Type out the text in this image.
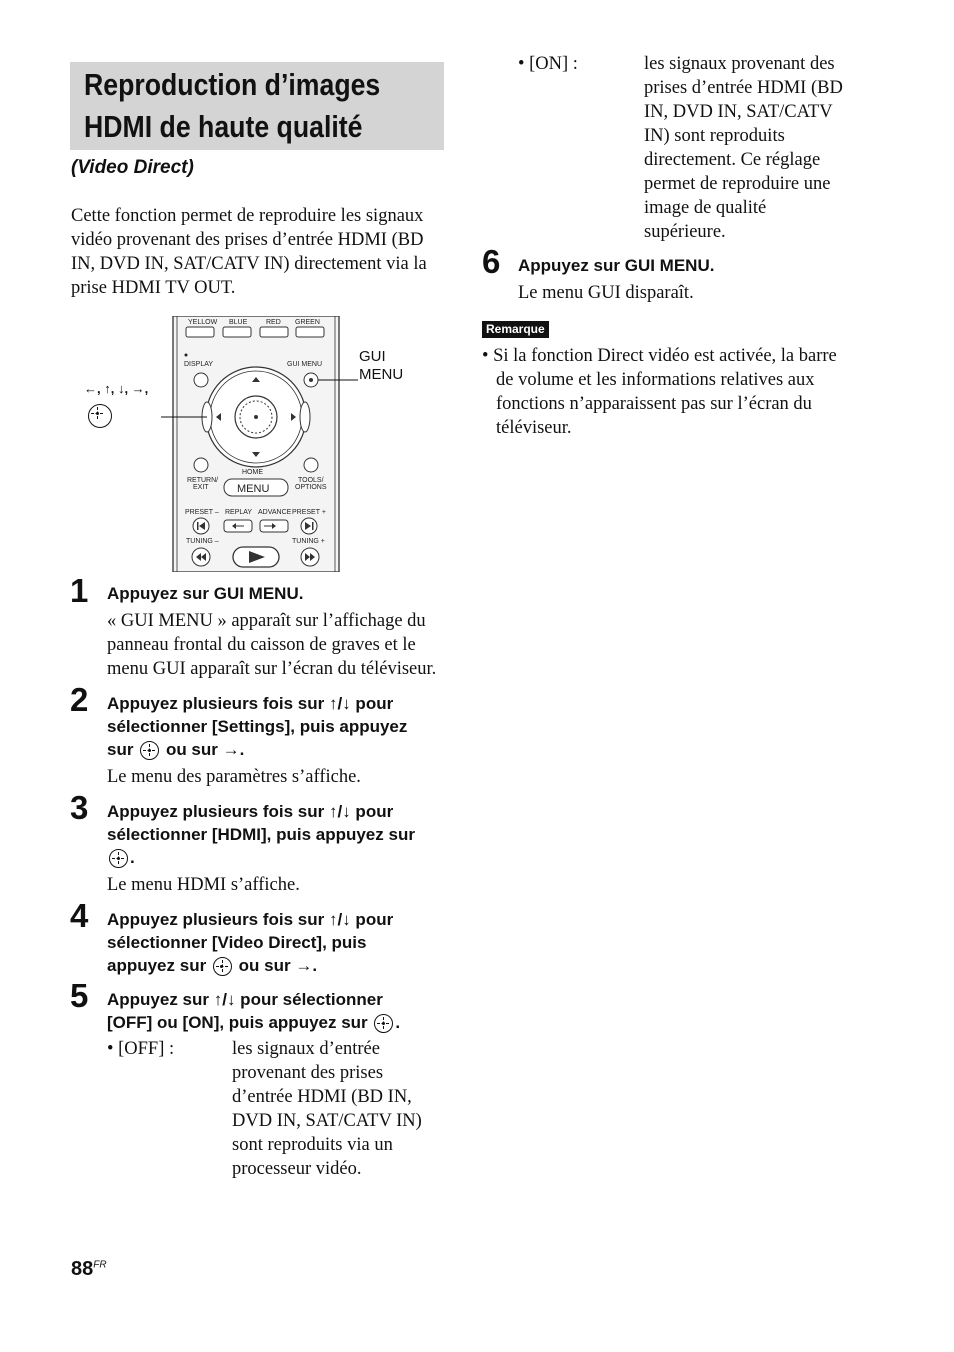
Reproduction d’images
HDMI de haute qualité
(Video Direct)
Cette fonction permet de reproduire les signaux
vidéo provenant des prises d’entrée HDMI (BD
IN, DVD IN, SAT/CATV IN) directement via la
prise HDMI TV OUT.
YELLOW BLUE	RED GREEN
DISPLAY	GUI MENU
HOME
RETURN/
EXIT
TOOLS/
OPTIONS
MENU
PRESET – REPLAY ADVANCE PRESET +
TUNING –	TUNING +
←, ↑, ↓, →,
GUI
MENU
1 Appuyez sur GUI MENU.
« GUI MENU » apparaît sur l’affichage du
panneau frontal du caisson de graves et le
menu GUI apparaît sur l’écran du téléviseur.
2 Appuyez plusieurs fois sur ↑/↓ pour
sélectionner [Settings], puis appuyez
sur ou sur →.
Le menu des paramètres s’affiche.
3 Appuyez plusieurs fois sur ↑/↓ pour
sélectionner [HDMI], puis appuyez sur
.
Le menu HDMI s’affiche.
4 Appuyez plusieurs fois sur ↑/↓ pour
sélectionner [Video Direct], puis
appuyez sur ou sur →.
5 Appuyez sur ↑/↓ pour sélectionner
[OFF] ou [ON], puis appuyez sur .
• [OFF] :	les signaux d’entrée
provenant des prises
d’entrée HDMI (BD IN,
DVD IN, SAT/CATV IN)
sont reproduits via un
processeur vidéo.
• [ON] :	les signaux provenant des
prises d’entrée HDMI (BD
IN, DVD IN, SAT/CATV
IN) sont reproduits
directement. Ce réglage
permet de reproduire une
image de qualité
supérieure.
6 Appuyez sur GUI MENU.
Le menu GUI disparaît.
Remarque
• Si la fonction Direct vidéo est activée, la barre
de volume et les informations relatives aux
fonctions n’apparaissent pas sur l’écran du
téléviseur.
$88^{FR}$
